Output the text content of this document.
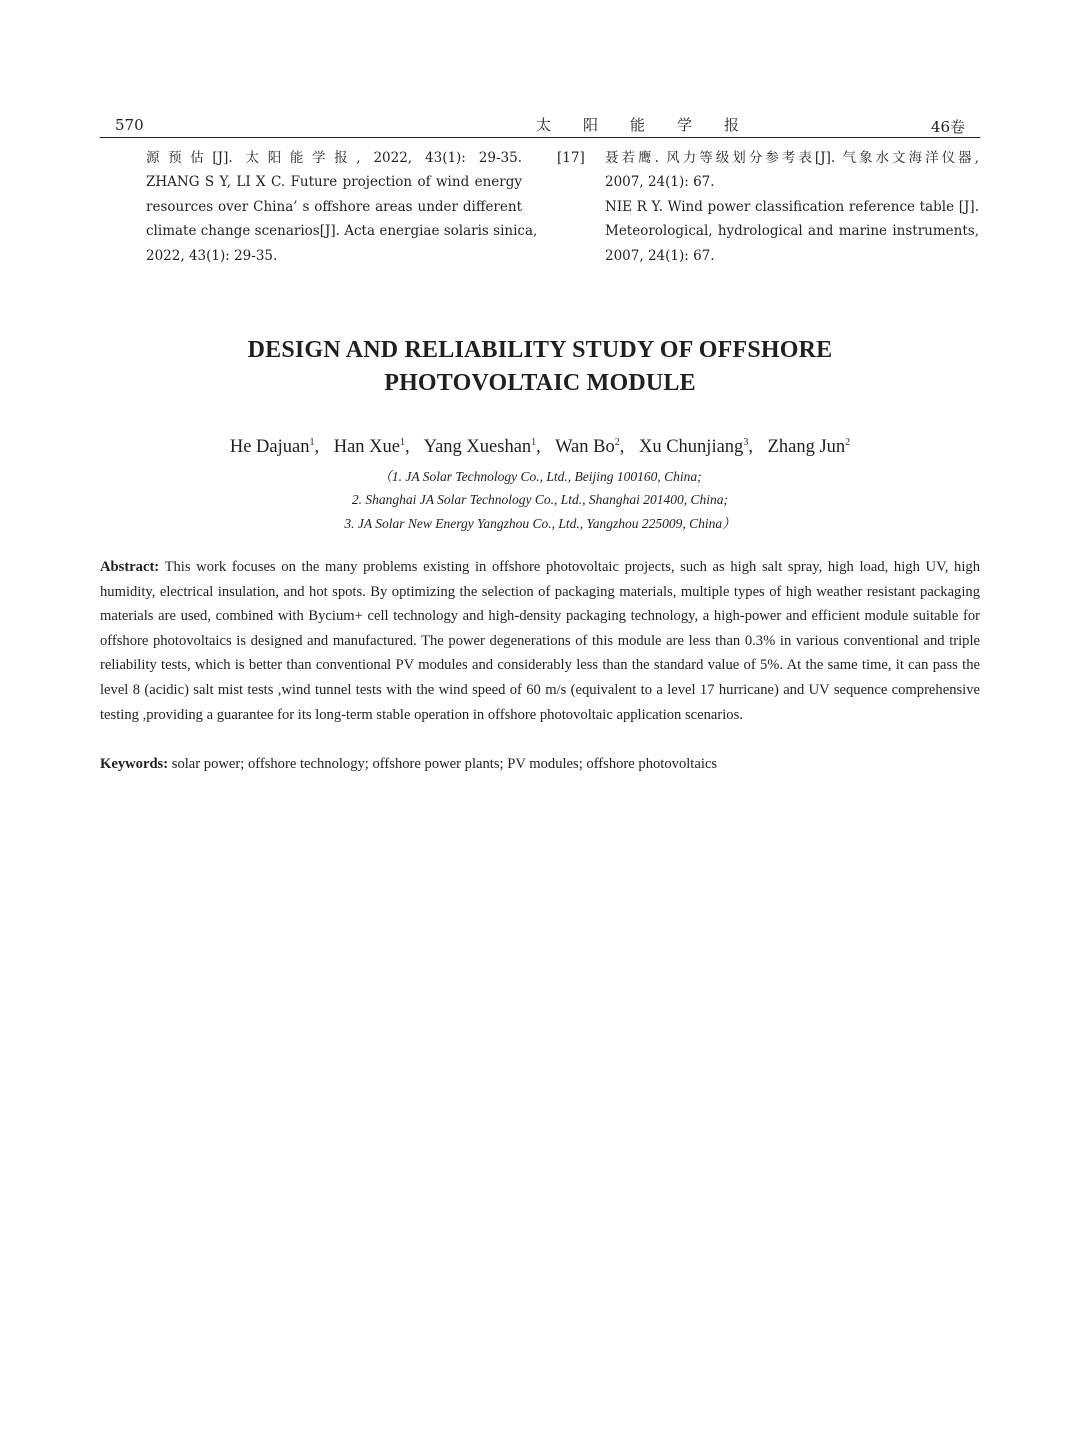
570	太阳能学报	46卷
源预估[J]. 太阳能学报, 2022, 43(1): 29-35.
ZHANG S Y, LI X C. Future projection of wind energy
resources over China’ s offshore areas under different
climate change scenarios[J]. Acta energiae solaris sinica,
2022, 43(1): 29-35.
[17] 聂若鹰. 风力等级划分参考表[J]. 气象水文海洋仪器,
2007, 24(1): 67.
NIE R Y. Wind power classification reference table [J].
Meteorological, hydrological and marine instruments,
2007, 24(1): 67.
DESIGN AND RELIABILITY STUDY OF OFFSHORE
PHOTOVOLTAIC MODULE
He Dajuan$^1$, Han Xue$^1$, Yang Xueshan$^1$, Wan Bo$^2$, Xu Chunjiang$^3$, Zhang Jun$^2$
（1. JA Solar Technology Co., Ltd., Beijing 100160, China;
2. Shanghai JA Solar Technology Co., Ltd., Shanghai 201400, China;
3. JA Solar New Energy Yangzhou Co., Ltd., Yangzhou 225009, China）
Abstract: This work focuses on the many problems existing in offshore photovoltaic projects, such as high salt spray, high load, high UV, high humidity, electrical insulation, and hot spots. By optimizing the selection of packaging materials, multiple types of high weather resistant packaging materials are used, combined with Bycium+ cell technology and high-density packaging technology, a high-power and efficient module suitable for offshore photovoltaics is designed and manufactured. The power degenerations of this module are less than 0.3% in various conventional and triple reliability tests, which is better than conventional PV modules and considerably less than the standard value of 5%. At the same time, it can pass the level 8 (acidic) salt mist tests ,wind tunnel tests with the wind speed of 60 m/s (equivalent to a level 17 hurricane) and UV sequence comprehensive testing ,providing a guarantee for its long-term stable operation in offshore photovoltaic application scenarios.
Keywords: solar power; offshore technology; offshore power plants; PV modules; offshore photovoltaics
